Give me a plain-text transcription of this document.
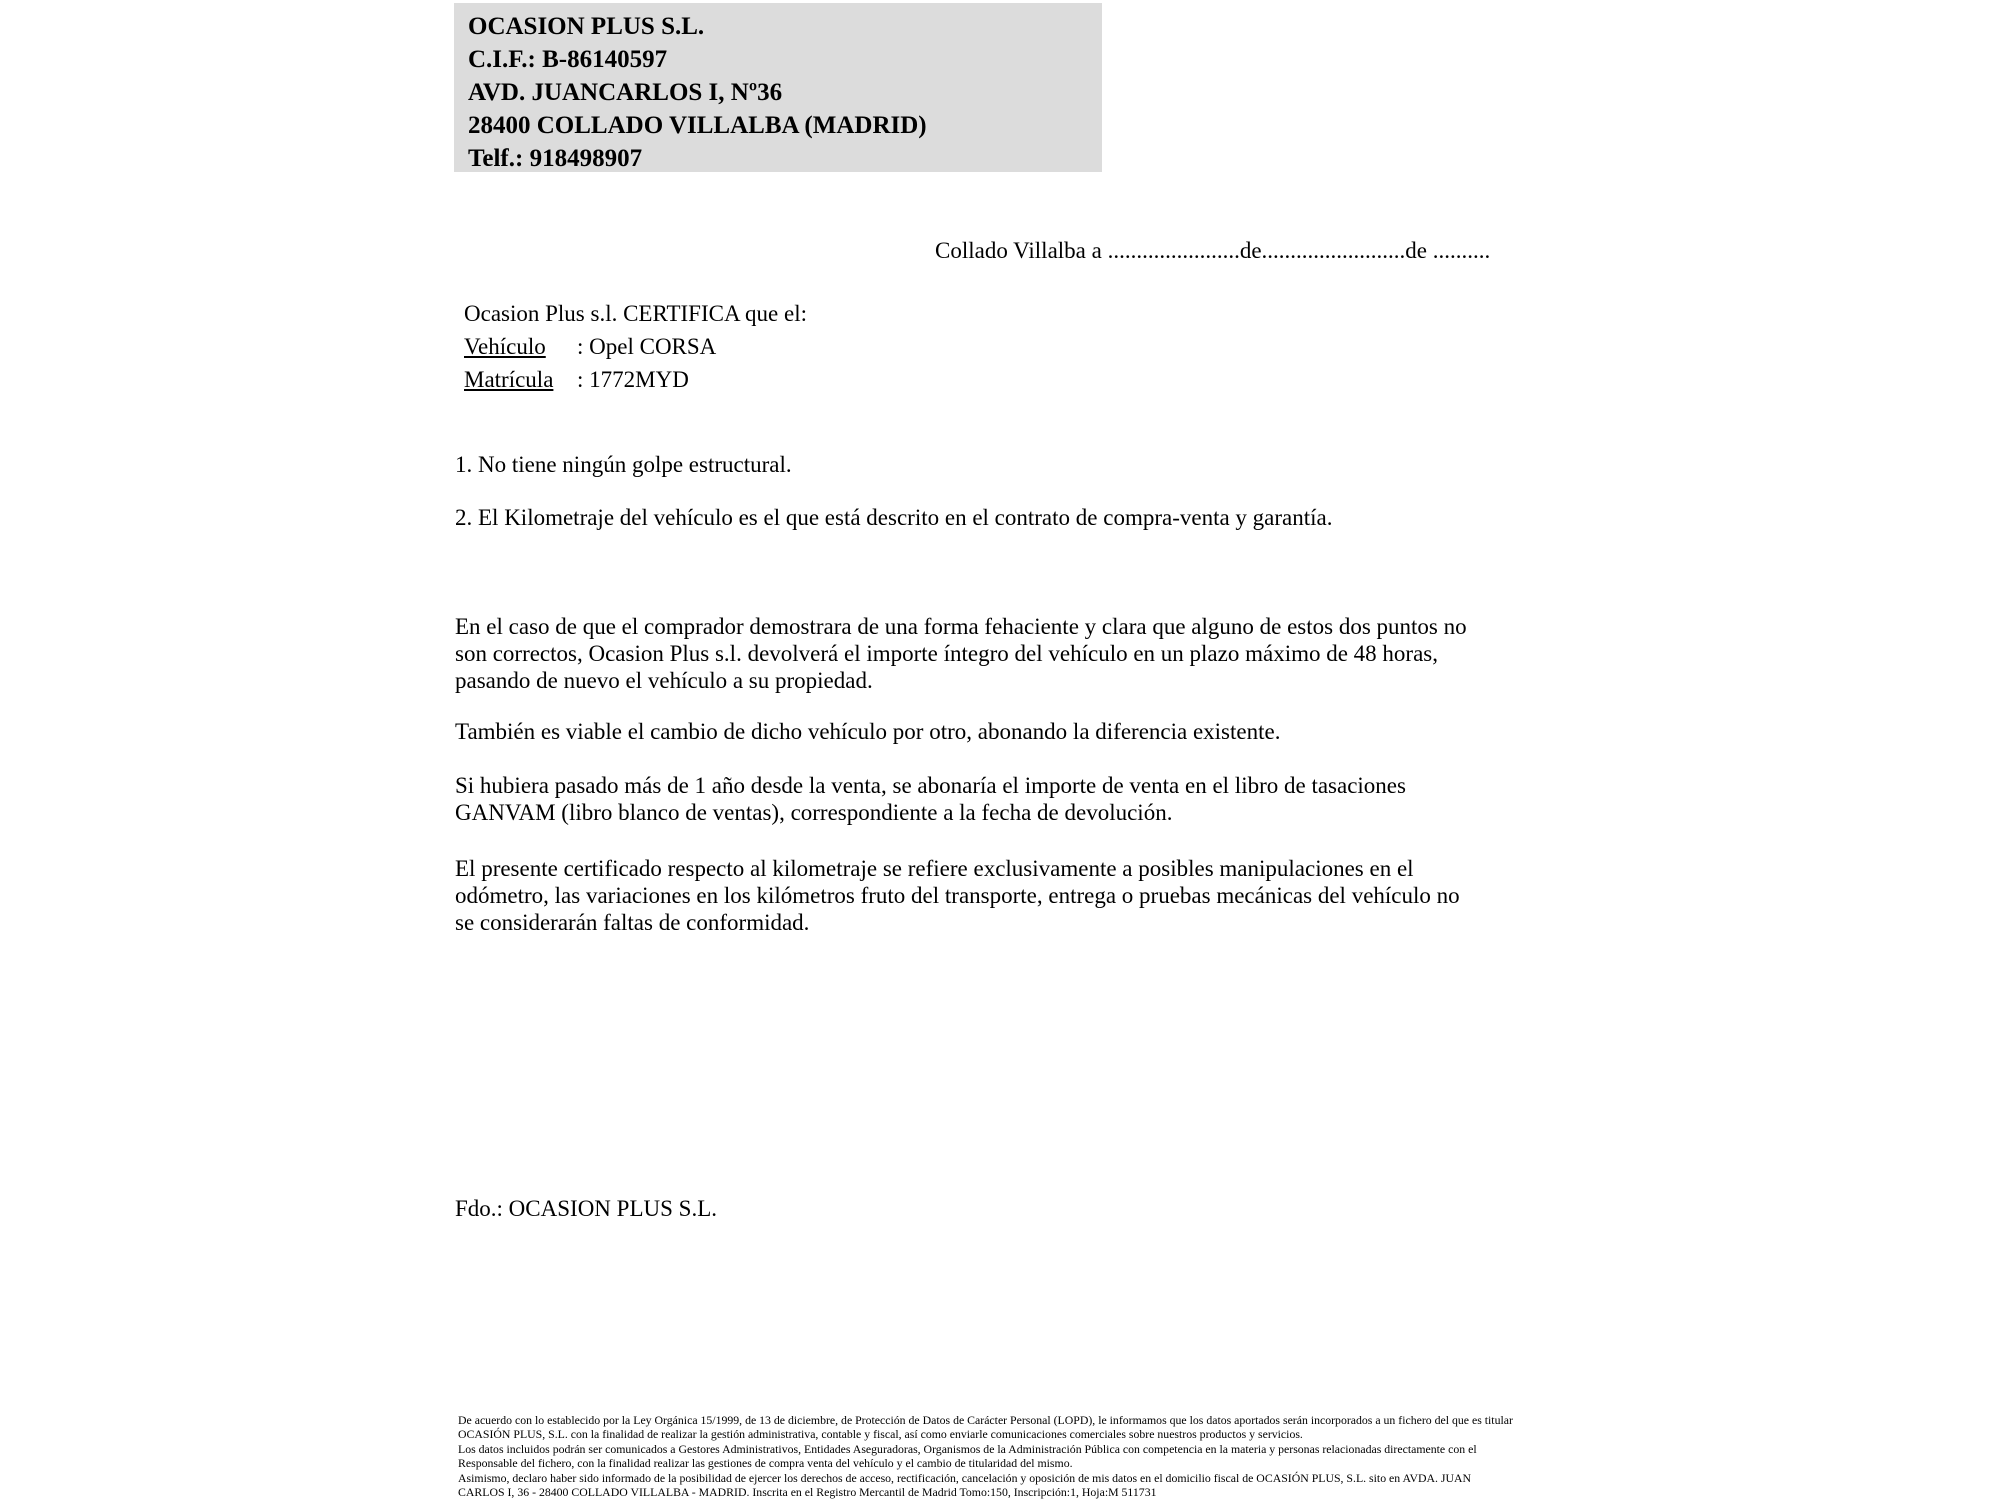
OCASION PLUS S.L.
C.I.F.: B-86140597
AVD. JUANCARLOS I, Nº36
28400 COLLADO VILLALBA (MADRID)
Telf.: 918498907
Collado Villalba a .......................de.........................de ..........
Ocasion Plus s.l. CERTIFICA que el:
Vehículo : Opel CORSA
Matrícula : 1772MYD
1. No tiene ningún golpe estructural.
2. El Kilometraje del vehículo es el que está descrito en el contrato de compra-venta y garantía.
En el caso de que el comprador demostrara de una forma fehaciente y clara que alguno de estos dos puntos no
son correctos, Ocasion Plus s.l. devolverá el importe íntegro del vehículo en un plazo máximo de 48 horas,
pasando de nuevo el vehículo a su propiedad.
También es viable el cambio de dicho vehículo por otro, abonando la diferencia existente.
Si hubiera pasado más de 1 año desde la venta, se abonaría el importe de venta en el libro de tasaciones
GANVAM (libro blanco de ventas), correspondiente a la fecha de devolución.
El presente certificado respecto al kilometraje se refiere exclusivamente a posibles manipulaciones en el
odómetro, las variaciones en los kilómetros fruto del transporte, entrega o pruebas mecánicas del vehículo no
se considerarán faltas de conformidad.
Fdo.: OCASION PLUS S.L.
De acuerdo con lo establecido por la Ley Orgánica 15/1999, de 13 de diciembre, de Protección de Datos de Carácter Personal (LOPD), le informamos que los datos aportados serán incorporados a un fichero del que es titular
OCASIÓN PLUS, S.L. con la finalidad de realizar la gestión administrativa, contable y fiscal, así como enviarle comunicaciones comerciales sobre nuestros productos y servicios.
Los datos incluidos podrán ser comunicados a Gestores Administrativos, Entidades Aseguradoras, Organismos de la Administración Pública con competencia en la materia y personas relacionadas directamente con el
Responsable del fichero, con la finalidad realizar las gestiones de compra venta del vehículo y el cambio de titularidad del mismo.
Asimismo, declaro haber sido informado de la posibilidad de ejercer los derechos de acceso, rectificación, cancelación y oposición de mis datos en el domicilio fiscal de OCASIÓN PLUS, S.L. sito en AVDA. JUAN
CARLOS I, 36 - 28400 COLLADO VILLALBA - MADRID. Inscrita en el Registro Mercantil de Madrid Tomo:150, Inscripción:1, Hoja:M 511731
